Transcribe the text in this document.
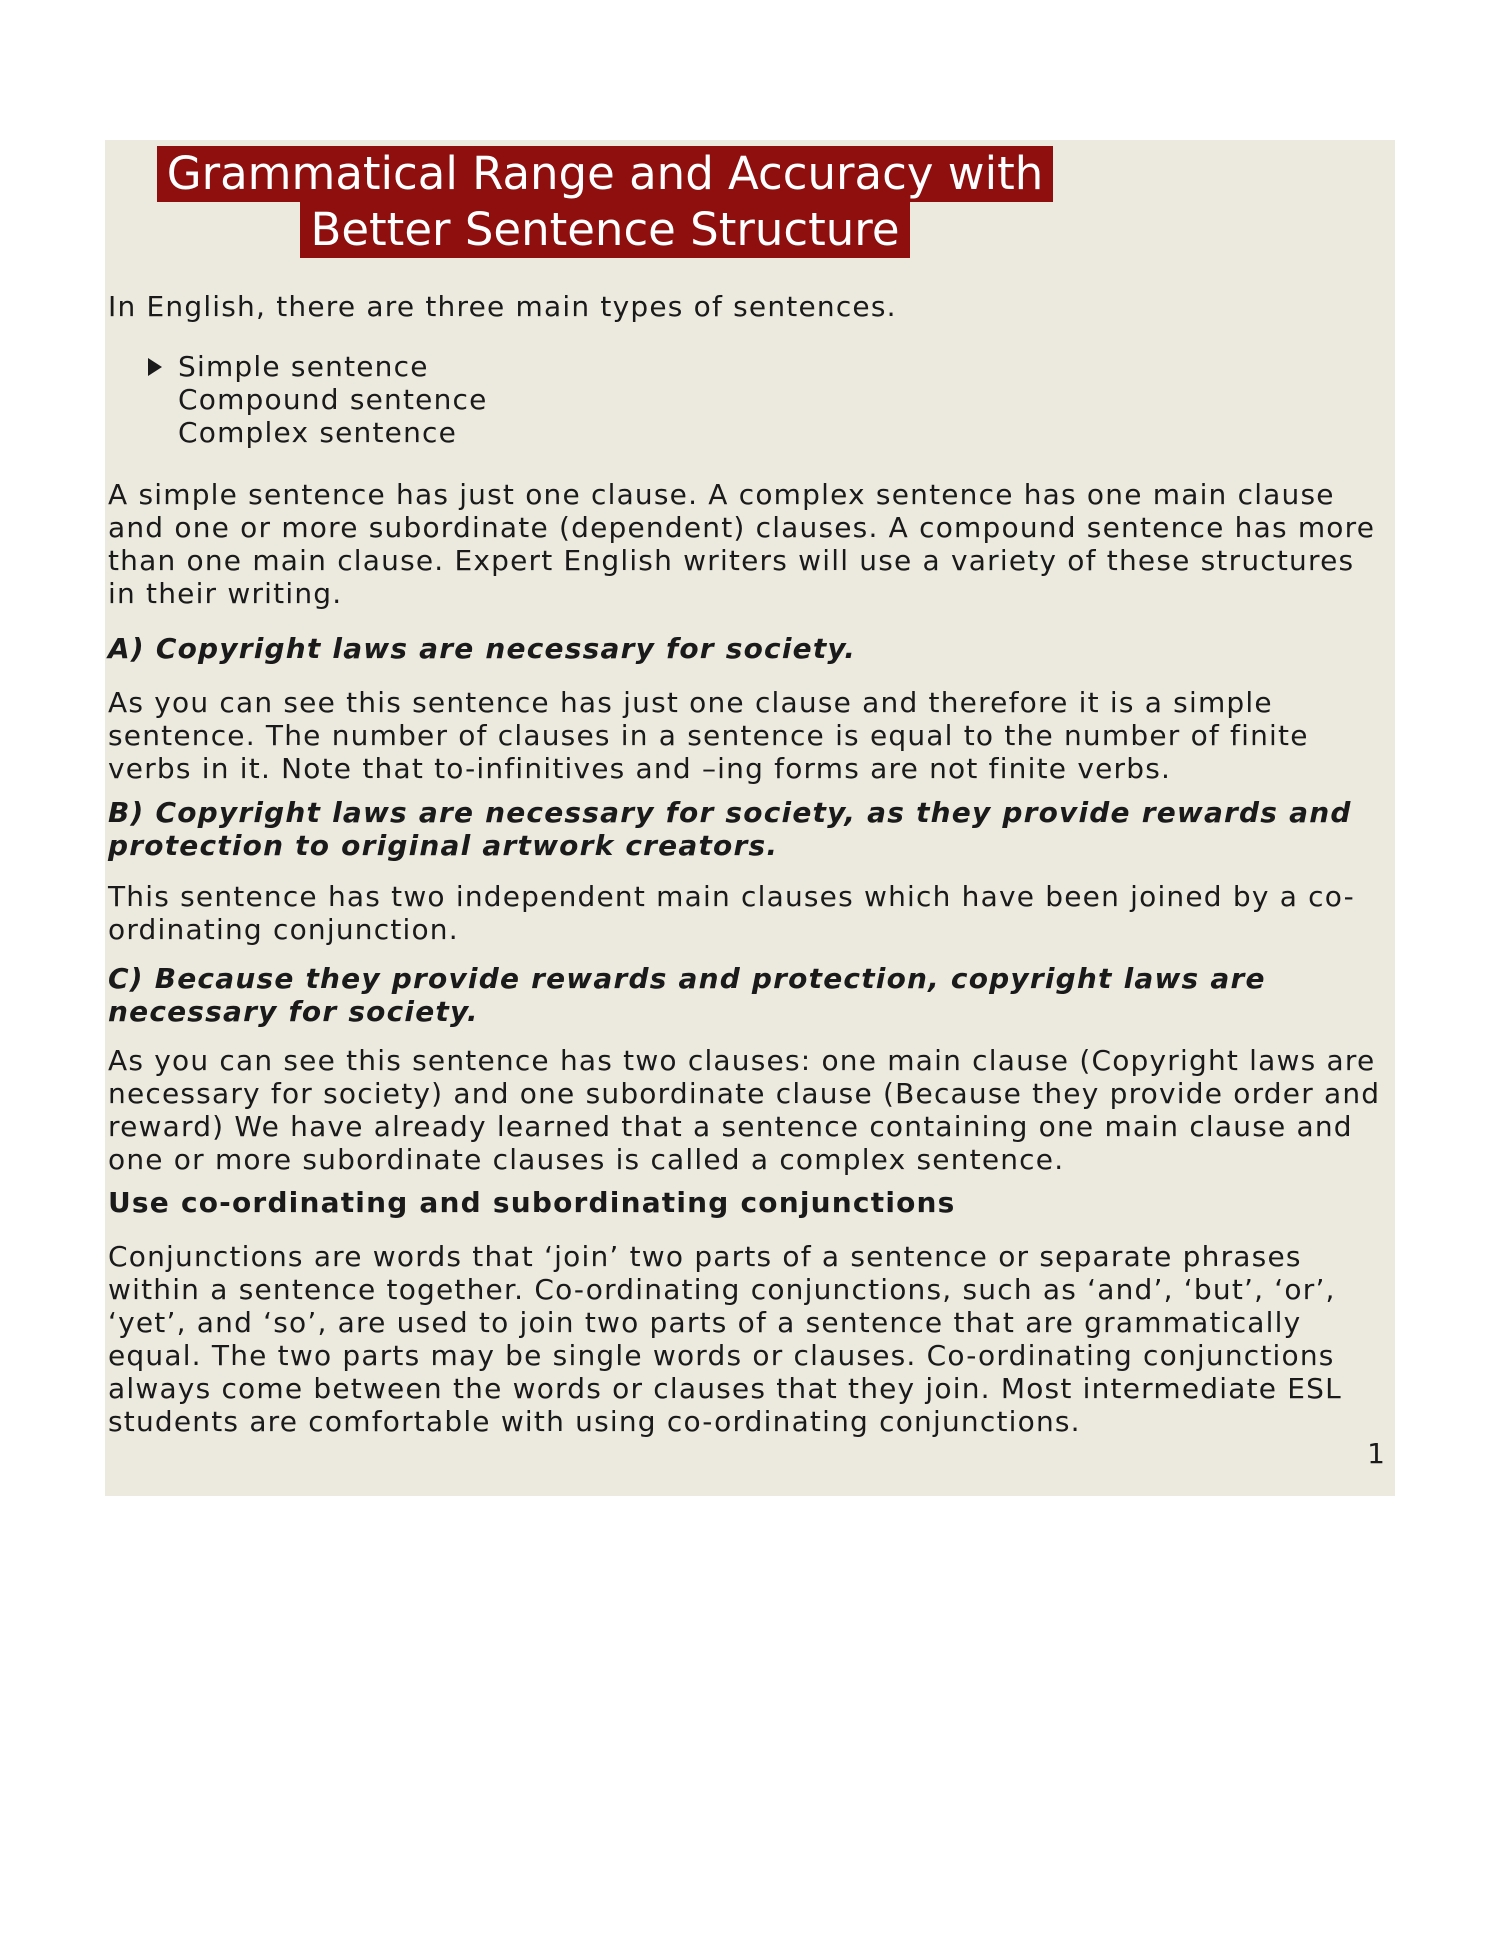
Grammatical Range and Accuracy with
Better Sentence Structure
In English, there are three main types of sentences.
Simple sentence
Compound sentence
Complex sentence
A simple sentence has just one clause. A complex sentence has one main clause and one or more subordinate (dependent) clauses. A compound sentence has more than one main clause. Expert English writers will use a variety of these structures in their writing.
A) Copyright laws are necessary for society.
As you can see this sentence has just one clause and therefore it is a simple sentence. The number of clauses in a sentence is equal to the number of finite verbs in it. Note that to-infinitives and –ing forms are not finite verbs.
B) Copyright laws are necessary for society, as they provide rewards and protection to original artwork creators.
This sentence has two independent main clauses which have been joined by a co-ordinating conjunction.
C) Because they provide rewards and protection, copyright laws are necessary for society.
As you can see this sentence has two clauses: one main clause (Copyright laws are necessary for society) and one subordinate clause (Because they provide order and reward) We have already learned that a sentence containing one main clause and one or more subordinate clauses is called a complex sentence.
Use co-ordinating and subordinating conjunctions
Conjunctions are words that ‘join’ two parts of a sentence or separate phrases within a sentence together. Co-ordinating conjunctions, such as ‘and’, ‘but’, ‘or’, ‘yet’, and ‘so’, are used to join two parts of a sentence that are grammatically equal. The two parts may be single words or clauses. Co-ordinating conjunctions always come between the words or clauses that they join. Most intermediate ESL students are comfortable with using co-ordinating conjunctions.
1
